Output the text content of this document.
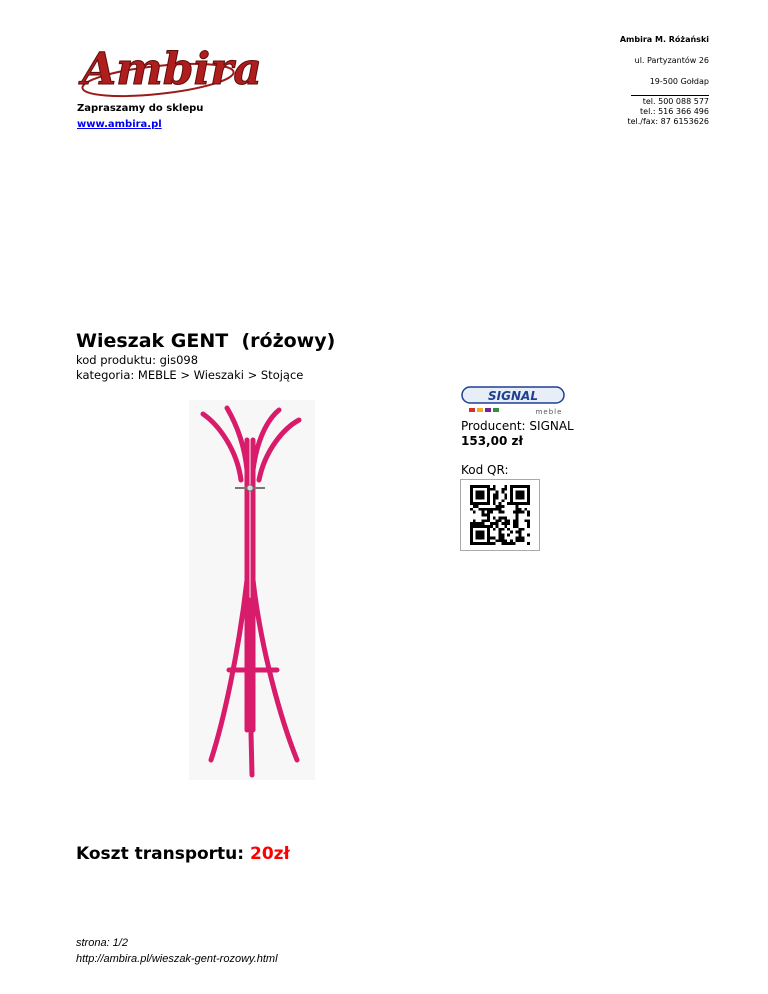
Ambira
Zapraszamy do sklepu
www.ambira.pl
Ambira M. Różański
ul. Partyzantów 26
19-500 Gołdap
tel. 500 088 577
tel.: 516 366 496
tel./fax: 87 6153626
Wieszak GENT  (różowy)
kod produktu: gis098
kategoria: MEBLE > Wieszaki > Stojące
SIGNAL
meble
Producent: SIGNAL
153,00 zł
Kod QR:
Koszt transportu: 20zł
strona: 1/2
http://ambira.pl/wieszak-gent-rozowy.html
